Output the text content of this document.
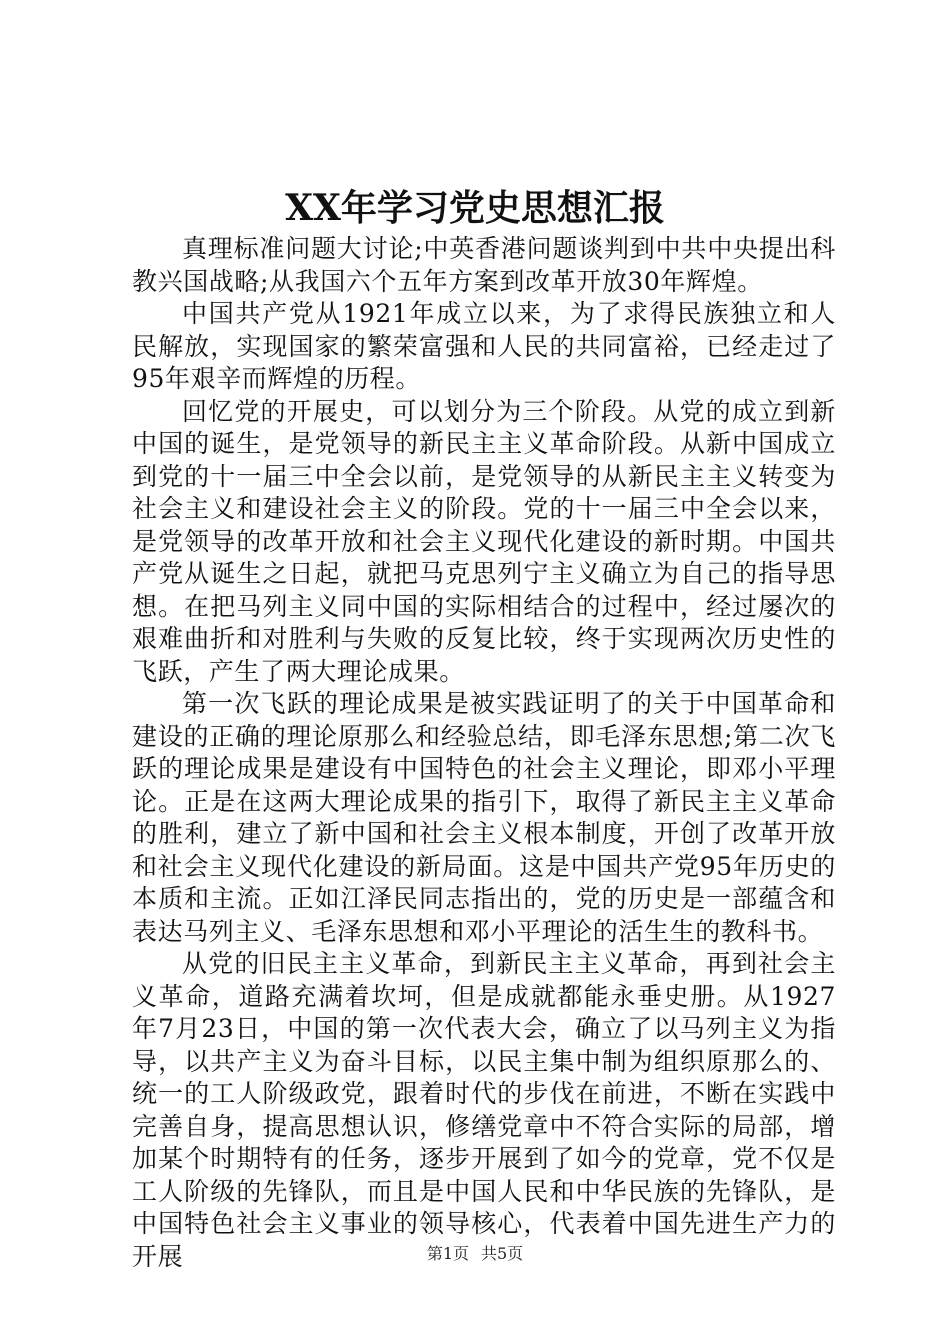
XX年学习党史思想汇报

真理标准问题大讨论;中英香港问题谈判到中共中央提出科教兴国战略;从我国六个五年方案到改革开放30年辉煌。

中国共产党从1921年成立以来，为了求得民族独立和人民解放，实现国家的繁荣富强和人民的共同富裕，已经走过了95年艰辛而辉煌的历程。

回忆党的开展史，可以划分为三个阶段。从党的成立到新中国的诞生，是党领导的新民主主义革命阶段。从新中国成立到党的十一届三中全会以前，是党领导的从新民主主义转变为社会主义和建设社会主义的阶段。党的十一届三中全会以来，是党领导的改革开放和社会主义现代化建设的新时期。中国共产党从诞生之日起，就把马克思列宁主义确立为自己的指导思想。在把马列主义同中国的实际相结合的过程中，经过屡次的艰难曲折和对胜利与失败的反复比较，终于实现两次历史性的飞跃，产生了两大理论成果。

第一次飞跃的理论成果是被实践证明了的关于中国革命和建设的正确的理论原那么和经验总结，即毛泽东思想;第二次飞跃的理论成果是建设有中国特色的社会主义理论，即邓小平理论。正是在这两大理论成果的指引下，取得了新民主主义革命的胜利，建立了新中国和社会主义根本制度，开创了改革开放和社会主义现代化建设的新局面。这是中国共产党95年历史的本质和主流。正如江泽民同志指出的，党的历史是一部蕴含和表达马列主义、毛泽东思想和邓小平理论的活生生的教科书。

从党的旧民主主义革命，到新民主主义革命，再到社会主义革命，道路充满着坎坷，但是成就都能永垂史册。从1927年7月23日，中国的第一次代表大会，确立了以马列主义为指导，以共产主义为奋斗目标，以民主集中制为组织原那么的、统一的工人阶级政党，跟着时代的步伐在前进，不断在实践中完善自身，提高思想认识，修缮党章中不符合实际的局部，增加某个时期特有的任务，逐步开展到了如今的党章，党不仅是工人阶级的先锋队，而且是中国人民和中华民族的先锋队，是中国特色社会主义事业的领导核心，代表着中国先进生产力的开展	第1页 共5页
